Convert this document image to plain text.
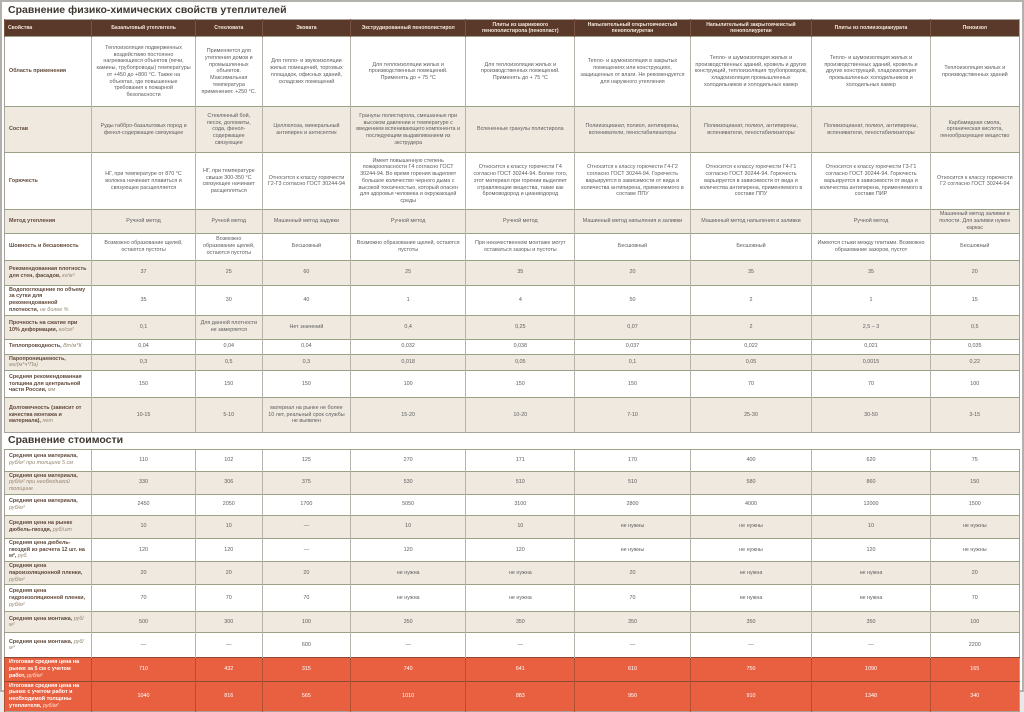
Сравнение физико-химических свойств утеплителей
Свойства	Базальтовый утеплитель	Стекловата	Эковата	Экструдированный пенополистирол	Плиты из шарикового пенополистирола (пенопласт)	Напылительный открытоячеистый пенополиуретан	Напылительный закрытоячеистый пенополиуретан	Плиты из полиизоцианурата	Пеноизол
Область применения	Теплоизоляция подверженных воздействию постоянно нагревающихся объектов (печи, камины, трубопроводы) температуры от +450 до +800 °C. Также на объектах, где повышенные требования к пожарной безопасности	Применяется для утепления домов и промышленных объектов. Максимальная температура применения: +250 °C.	Для тепло- и звукоизоляции жилых помещений, торговых площадок, офисных зданий, складских помещений	Для теплоизоляции жилых и производственных помещений. Применять до + 75 °C	Для теплоизоляции жилых и производственных помещений. Применять до + 75 °C	Тепло- и шумоизоляция в закрытых помещениях или конструкциях, защищенных от влаги. Не рекомендуется для наружного утепления	Тепло- и шумоизоляция жилых и производственных зданий, кровель и других конструкций, теплоизоляция трубопроводов, хладоизоляция промышленных холодильников и холодильных камер	Тепло- и шумоизоляция жилых и производственных зданий, кровель и других конструкций, хладоизоляция промышленных холодильников и холодильных камер	Теплоизоляция жилых и производственных зданий
Состав	Руды габбро-базальтовых пород и фенол-содержащее связующее	Стеклянный бой, песок, доломиты, сода, фенол-содержащее связующее	Целлюлоза, минеральный антипирен и антисептик	Гранулы полистирола, смешанные при высоком давлении и температуре с введением вспенивающего компонента и последующим выдавливанием из экструдера	Вспененные гранулы полистирола	Полиизоцианат, полиол, антипирены, вспениватели, пеностабилизаторы	Полиизоцианат, полиол, антипирены, вспениватели, пеностабилизаторы	Полиизоцианат, полиол, антипирены, вспениватели, пеностабилизаторы	Карбамидная смола, органическая кислота, пенообразующее вещество
Горючесть	НГ, при температуре от 870 °C волокна начинает плавиться и связующее расщепляется	НГ, при температуре свыше 300-350 °C связующее начинает расщепляться	Относится к классу горючести Г2-Г3 согласно ГОСТ 30244-94	Имеет повышенную степень пожароопасности Г4 согласно ГОСТ 30244-94. Во время горения выделяет большое количество черного дыма с высокой токсичностью, который опасен для здоровья человека и окружающей среды	Относится к классу горючести Г4 согласно ГОСТ 30244-94. Более того, этот материал при горении выделяет отравляющие вещества, такие как бромоводород и цианводород	Относится к классу горючести Г4-Г2 согласно ГОСТ 30244-94. Горючесть варьируется в зависимости от вида и количества антипирена, применяемого в составе ППУ	Относится к классу горючести Г4-Г1 согласно ГОСТ 30244-94. Горючесть варьируется в зависимости от вида и количества антипирена, применяемого в составе ППУ	Относится к классу горючести Г3-Г1 согласно ГОСТ 30244-94. Горючесть варьируется в зависимости от вида и количества антипирена, применяемого в составе ПИР	Относится к классу горючести Г2 согласно ГОСТ 30244-94
Метод утепления	Ручной метод	Ручной метод	Машинный метод задувки	Ручной метод	Ручной метод	Машинный метод напыления и заливки	Машинный метод напыления и заливки	Ручной метод	Машинный метод заливки в полости. Для заливки нужен каркас
Шовность и бесшовность	Возможно образование щелей, остаются пустоты	Возможно образование щелей, остаются пустоты	Бесшовный	Возможно образование щелей, остаются пустоты	При некачественном монтаже могут оставаться зазоры и пустоты	Бесшовный	Бесшовный	Имеются стыки между плитами. Возможно образование зазоров, пустот	Бесшовный
Рекомендованная плотность для стен, фасадов, кг/м³	37	25	60	25	35	20	35	35	20
Водопоглощение по объему за сутки для рекомендованной плотности, не более %	35	30	40	1	4	50	2	1	15
Прочность на сжатие при 10% деформации, кг/см²	0,1	Для данной плотности не замеряется	Нет значений	0,4	0,25	0,07	2	2,5 – 3	0,5
Теплопроводность, Вт/м*К	0,04	0,04	0,04	0,032	0,038	0,037	0,022	0,021	0,035
Паропроницаемость, мг/(м*ч*Па)	0,3	0,5	0,3	0,018	0,05	0,1	0,05	0,0015	0,22
Средняя рекомендованная толщина для центральной части России, мм	150	150	150	100	150	150	70	70	100
Долговечность (зависит от качества монтажа и материала), лет	10-15	5-10	материал на рынке не более 10 лет, реальный срок службы не выявлен	15-20	10-20	7-10	25-30	30-50	3-15
Сравнение стоимости
Средняя цена материала, руб/м² при толщине 5 см	110	102	125	270	171	170	400	620	75
Средняя цена материала, руб/м² при необходимой толщине	330	306	375	530	510	510	580	860	150
Средняя цена материала, руб/м³	2450	2050	1700	5050	3100	2800	4000	12000	1500
Средняя цена на рынке дюбель-гвоздя, руб/шт	10	10	—	10	10	не нужны	не нужны	10	не нужны
Средняя цена дюбель-гвоздей из расчета 12 шт. на м², руб.	120	120	—	120	120	не нужны	не нужны	120	не нужны
Средняя цена пароизоляционной пленки, руб/м²	20	20	20	не нужна	не нужна	20	не нужна	не нужна	20
Средняя цена гидроизоляционной пленки, руб/м²	70	70	70	не нужна	не нужна	70	не нужна	не нужна	70
Средняя цена монтажа, руб/м²	500	300	100	350	350	350	350	350	100
Средняя цена монтажа, руб/м³	—	—	600	—	—	—	—	—	2200
Итоговая средняя цена на рынке за 5 см с учетом работ, руб/м²	710	432	315	740	641	610	750	1090	165
Итоговая средняя цена на рынке с учетом работ и необходимой толщины утеплителя, руб/м²	1040	816	565	1010	883	950	910	1348	340
